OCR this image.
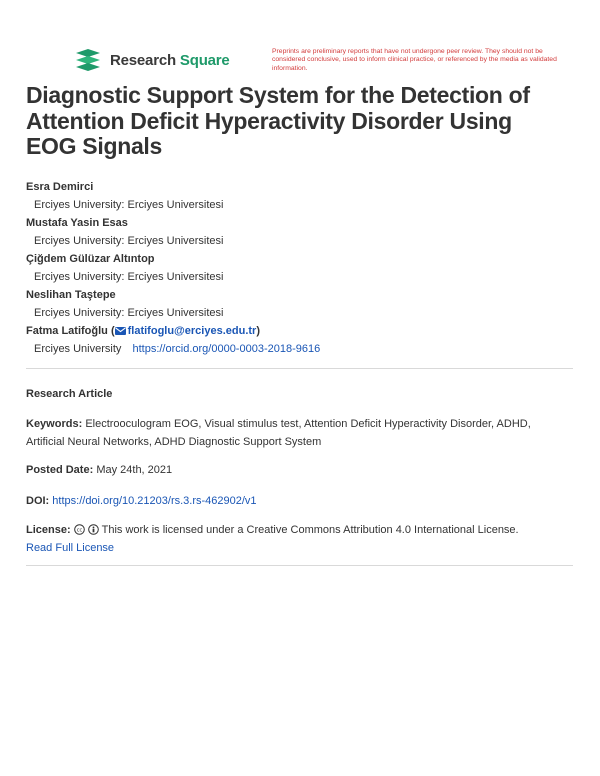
Research Square	Preprints are preliminary reports that have not undergone peer review. They should not be considered conclusive, used to inform clinical practice, or referenced by the media as validated information.
Diagnostic Support System for the Detection of Attention Deficit Hyperactivity Disorder Using EOG Signals
Esra Demirci
Erciyes University: Erciyes Universitesi
Mustafa Yasin Esas
Erciyes University: Erciyes Universitesi
Çiğdem Gülüzar Altıntop
Erciyes University: Erciyes Universitesi
Neslihan Taştepe
Erciyes University: Erciyes Universitesi
Fatma Latifoğlu ( flatifoglu@erciyes.edu.tr)
Erciyes University https://orcid.org/0000-0003-2018-9616
Research Article
Keywords: Electrooculogram EOG, Visual stimulus test, Attention Deficit Hyperactivity Disorder, ADHD, Artificial Neural Networks, ADHD Diagnostic Support System
Posted Date: May 24th, 2021
DOI: https://doi.org/10.21203/rs.3.rs-462902/v1
License: cc This work is licensed under a Creative Commons Attribution 4.0 International License.
Read Full License
